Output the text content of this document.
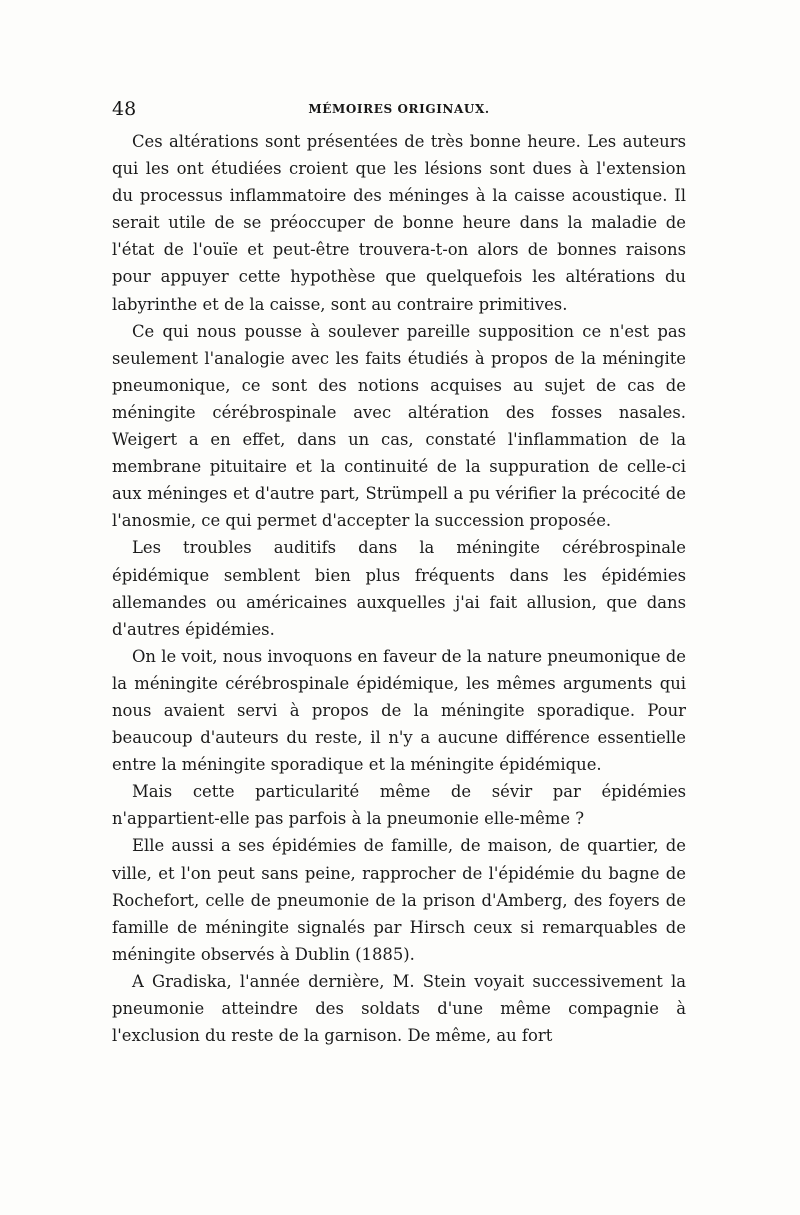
48	MÉMOIRES ORIGINAUX.

Ces altérations sont présentées de très bonne heure. Les auteurs qui les ont étudiées croient que les lésions sont dues à l'extension du processus inflammatoire des méninges à la caisse acoustique. Il serait utile de se préoccuper de bonne heure dans la maladie de l'état de l'ouïe et peut-être trouvera-t-on alors de bonnes raisons pour appuyer cette hypothèse que quelquefois les altérations du labyrinthe et de la caisse, sont au contraire primitives.

Ce qui nous pousse à soulever pareille supposition ce n'est pas seulement l'analogie avec les faits étudiés à propos de la méningite pneumonique, ce sont des notions acquises au sujet de cas de méningite cérébrospinale avec altération des fosses nasales. Weigert a en effet, dans un cas, constaté l'inflammation de la membrane pituitaire et la continuité de la suppuration de celle-ci aux méninges et d'autre part, Strümpell a pu vérifier la précocité de l'anosmie, ce qui permet d'accepter la succession proposée.

Les troubles auditifs dans la méningite cérébrospinale épidémique semblent bien plus fréquents dans les épidémies allemandes ou américaines auxquelles j'ai fait allusion, que dans d'autres épidémies.

On le voit, nous invoquons en faveur de la nature pneumonique de la méningite cérébrospinale épidémique, les mêmes arguments qui nous avaient servi à propos de la méningite sporadique. Pour beaucoup d'auteurs du reste, il n'y a aucune différence essentielle entre la méningite sporadique et la méningite épidémique.

Mais cette particularité même de sévir par épidémies n'appartient-elle pas parfois à la pneumonie elle-même ?

Elle aussi a ses épidémies de famille, de maison, de quartier, de ville, et l'on peut sans peine, rapprocher de l'épidémie du bagne de Rochefort, celle de pneumonie de la prison d'Amberg, des foyers de famille de méningite signalés par Hirsch ceux si remarquables de méningite observés à Dublin (1885).

A Gradiska, l'année dernière, M. Stein voyait successivement la pneumonie atteindre des soldats d'une même compagnie à l'exclusion du reste de la garnison. De même, au fort
